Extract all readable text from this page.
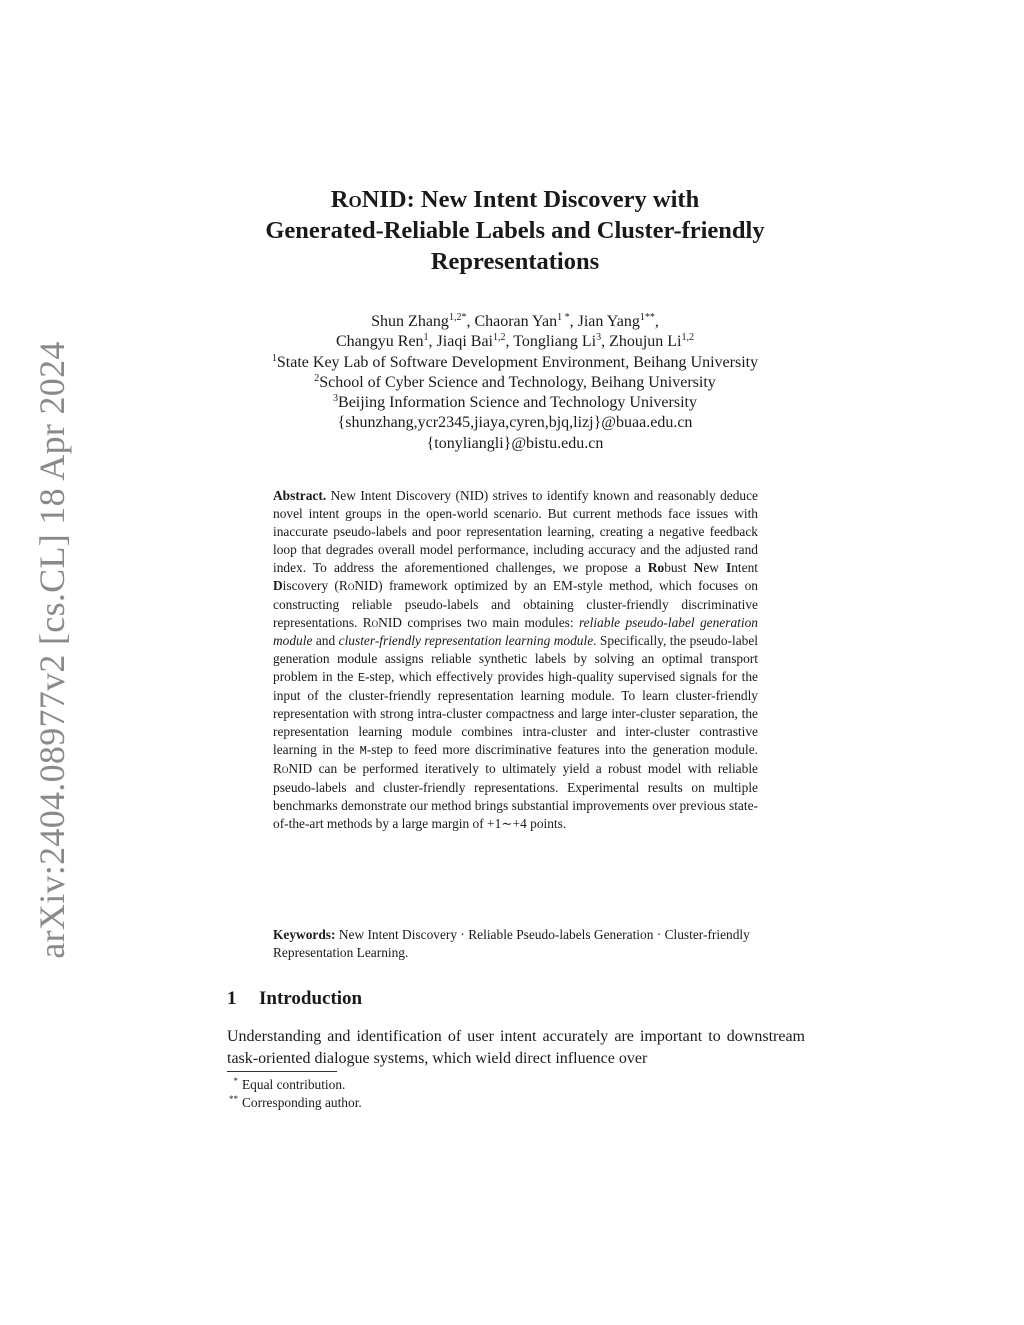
arXiv:2404.08977v2 [cs.CL] 18 Apr 2024
RoNID: New Intent Discovery with
Generated-Reliable Labels and Cluster-friendly
Representations
Shun Zhang$^{1,2*}$, Chaoran Yan$^{1 *}$, Jian Yang$^{1**}$,
Changyu Ren$^1$, Jiaqi Bai$^{1,2}$, Tongliang Li$^3$, Zhoujun Li$^{1,2}$
$^1$State Key Lab of Software Development Environment, Beihang University
$^2$School of Cyber Science and Technology, Beihang University
$^3$Beijing Information Science and Technology University
{shunzhang,ycr2345,jiaya,cyren,bjq,lizj}@buaa.edu.cn
{tonyliangli}@bistu.edu.cn

Abstract. New Intent Discovery (NID) strives to identify known and reasonably deduce novel intent groups in the open-world scenario. But current methods face issues with inaccurate pseudo-labels and poor representation learning, creating a negative feedback loop that degrades overall model performance, including accuracy and the adjusted rand index. To address the aforementioned challenges, we propose a Robust New Intent Discovery (RoNID) framework optimized by an EM-style method, which focuses on constructing reliable pseudo-labels and obtaining cluster-friendly discriminative representations. RoNID comprises two main modules: reliable pseudo-label generation module and cluster-friendly representation learning module. Specifically, the pseudo-label generation module assigns reliable synthetic labels by solving an optimal transport problem in the E-step, which effectively provides high-quality supervised signals for the input of the cluster-friendly representation learning module. To learn cluster-friendly representation with strong intra-cluster compactness and large inter-cluster separation, the representation learning module combines intra-cluster and inter-cluster contrastive learning in the M-step to feed more discriminative features into the generation module. RoNID can be performed iteratively to ultimately yield a robust model with reliable pseudo-labels and cluster-friendly representations. Experimental results on multiple benchmarks demonstrate our method brings substantial improvements over previous state-of-the-art methods by a large margin of +1∼+4 points.

Keywords: New Intent Discovery · Reliable Pseudo-labels Generation · Cluster-friendly Representation Learning.

1 Introduction

Understanding and identification of user intent accurately are important to downstream task-oriented dialogue systems, which wield direct influence over

* Equal contribution.
** Corresponding author.
